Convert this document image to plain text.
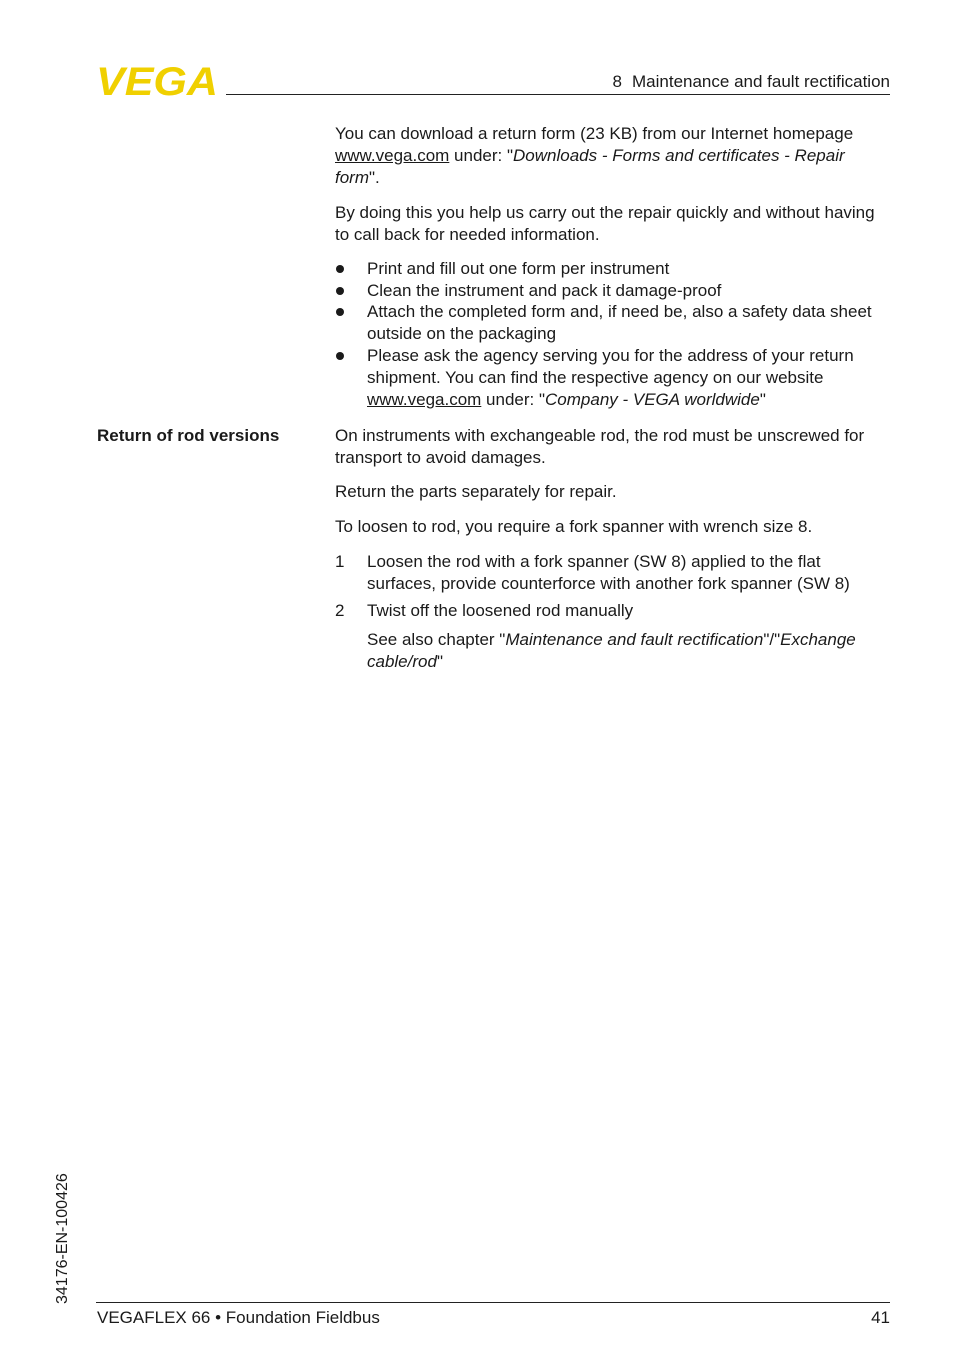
VEGA	8 Maintenance and fault rectification

You can download a return form (23 KB) from our Internet homepage www.vega.com under: "Downloads - Forms and certificates - Repair form".

By doing this you help us carry out the repair quickly and without having to call back for needed information.

Print and fill out one form per instrument
Clean the instrument and pack it damage-proof
Attach the completed form and, if need be, also a safety data sheet outside on the packaging
Please ask the agency serving you for the address of your return shipment. You can find the respective agency on our website www.vega.com under: "Company - VEGA worldwide"
Return of rod versions	On instruments with exchangeable rod, the rod must be unscrewed for transport to avoid damages.

Return the parts separately for repair.

To loosen to rod, you require a fork spanner with wrench size 8.

1	Loosen the rod with a fork spanner (SW 8) applied to the flat surfaces, provide counterforce with another fork spanner (SW 8)
2	Twist off the loosened rod manually
See also chapter "Maintenance and fault rectification"/"Exchange cable/rod"
34176-EN-100426
VEGAFLEX 66 • Foundation Fieldbus	41
